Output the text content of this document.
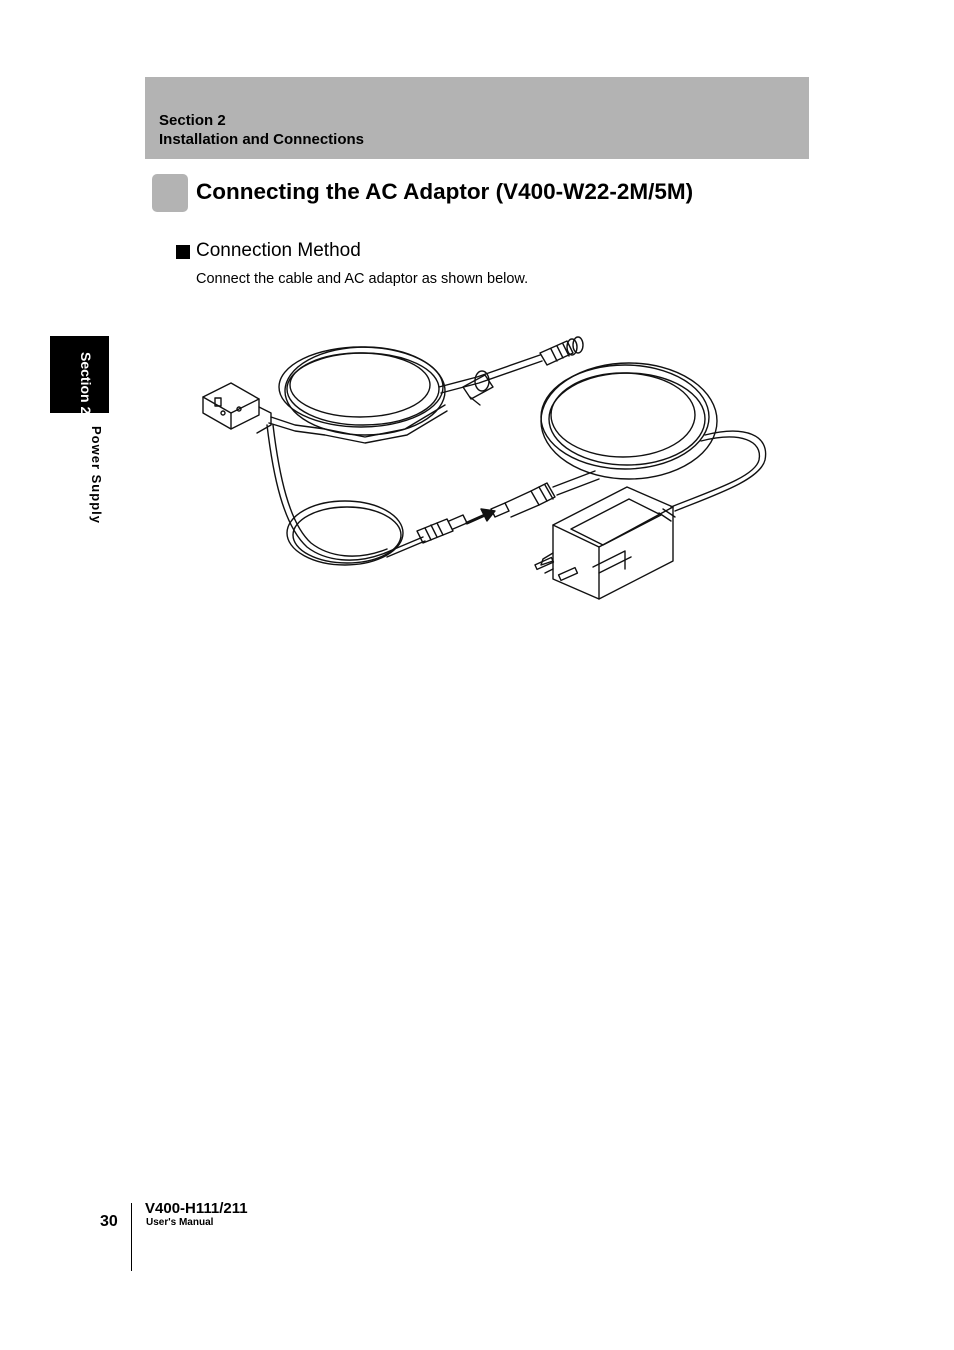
Section 2
Installation and Connections
Connecting the AC Adaptor (V400-W22-2M/5M)
Connection Method
Connect the cable and AC adaptor as shown below.
Section 2
Power Supply
30
V400-H111/211
User's Manual
